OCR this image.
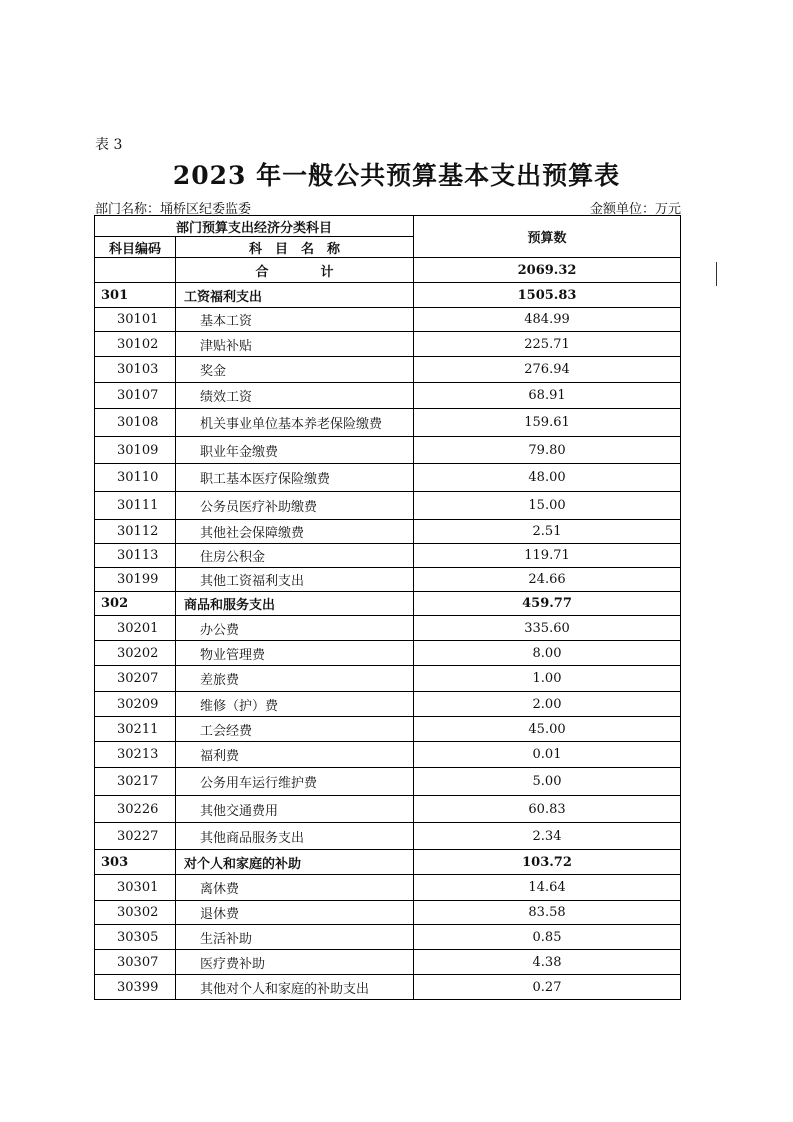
表 3
2023 年一般公共预算基本支出预算表
部门名称：埇桥区纪委监委	金额单位：万元
部门预算支出经济分类科目		预算数
科目编码	科　目　名　称	
	合　　　　计	2069.32
301	工资福利支出	1505.83
30101	基本工资	484.99
30102	津贴补贴	225.71
30103	奖金	276.94
30107	绩效工资	68.91
30108	机关事业单位基本养老保险缴费	159.61
30109	职业年金缴费	79.80
30110	职工基本医疗保险缴费	48.00
30111	公务员医疗补助缴费	15.00
30112	其他社会保障缴费	2.51
30113	住房公积金	119.71
30199	其他工资福利支出	24.66
302	商品和服务支出	459.77
30201	办公费	335.60
30202	物业管理费	8.00
30207	差旅费	1.00
30209	维修（护）费	2.00
30211	工会经费	45.00
30213	福利费	0.01
30217	公务用车运行维护费	5.00
30226	其他交通费用	60.83
30227	其他商品服务支出	2.34
303	对个人和家庭的补助	103.72
30301	离休费	14.64
30302	退休费	83.58
30305	生活补助	0.85
30307	医疗费补助	4.38
30399	其他对个人和家庭的补助支出	0.27
